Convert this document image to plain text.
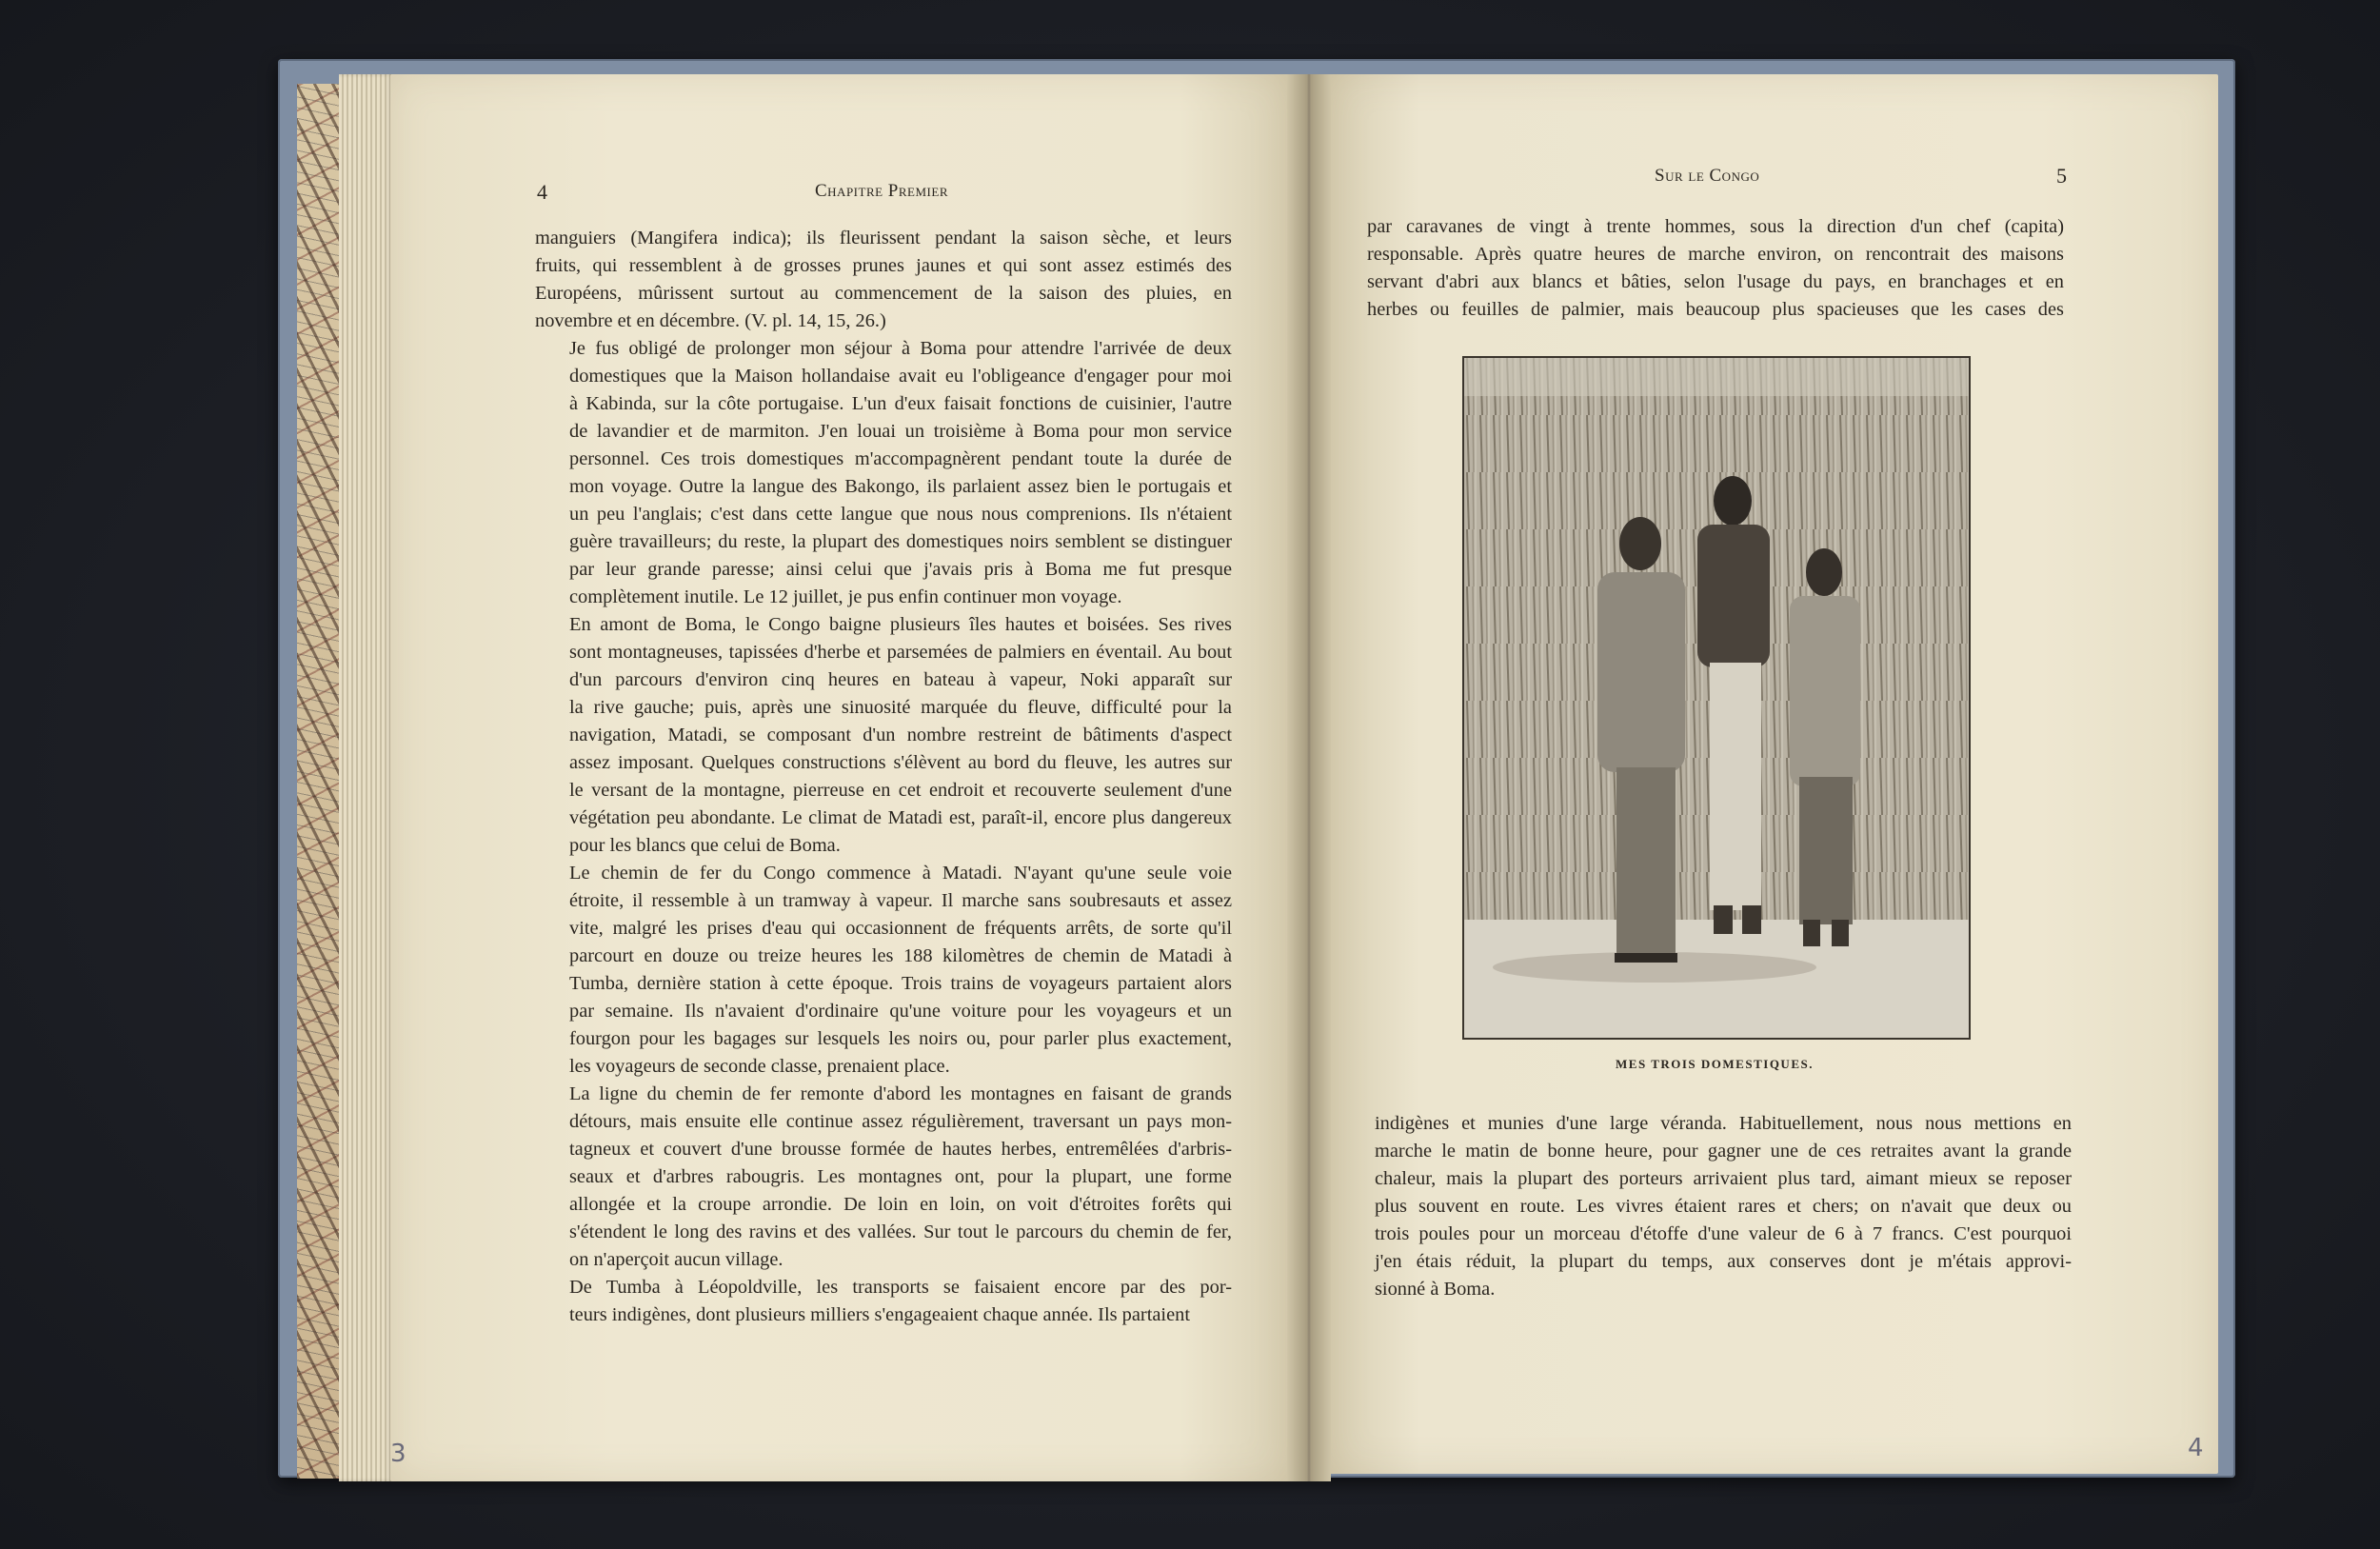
4	Chapitre Premier

manguiers (Mangifera indica); ils fleurissent pendant la saison sèche, et leurs
fruits, qui ressemblent à de grosses prunes jaunes et qui sont assez estimés des
Européens, mûrissent surtout au commencement de la saison des pluies, en
novembre et en décembre. (V. pl. 14, 15, 26.)

Je fus obligé de prolonger mon séjour à Boma pour attendre l'arrivée de deux
domestiques que la Maison hollandaise avait eu l'obligeance d'engager pour moi
à Kabinda, sur la côte portugaise. L'un d'eux faisait fonctions de cuisinier, l'autre
de lavandier et de marmiton. J'en louai un troisième à Boma pour mon service
personnel. Ces trois domestiques m'accompagnèrent pendant toute la durée de
mon voyage. Outre la langue des Bakongo, ils parlaient assez bien le portugais et
un peu l'anglais; c'est dans cette langue que nous nous comprenions. Ils n'étaient
guère travailleurs; du reste, la plupart des domestiques noirs semblent se distinguer
par leur grande paresse; ainsi celui que j'avais pris à Boma me fut presque
complètement inutile. Le 12 juillet, je pus enfin continuer mon voyage.

En amont de Boma, le Congo baigne plusieurs îles hautes et boisées. Ses rives
sont montagneuses, tapissées d'herbe et parsemées de palmiers en éventail. Au bout
d'un parcours d'environ cinq heures en bateau à vapeur, Noki apparaît sur
la rive gauche; puis, après une sinuosité marquée du fleuve, difficulté pour la
navigation, Matadi, se composant d'un nombre restreint de bâtiments d'aspect
assez imposant. Quelques constructions s'élèvent au bord du fleuve, les autres sur
le versant de la montagne, pierreuse en cet endroit et recouverte seulement d'une
végétation peu abondante. Le climat de Matadi est, paraît-il, encore plus dangereux
pour les blancs que celui de Boma.

Le chemin de fer du Congo commence à Matadi. N'ayant qu'une seule voie
étroite, il ressemble à un tramway à vapeur. Il marche sans soubresauts et assez
vite, malgré les prises d'eau qui occasionnent de fréquents arrêts, de sorte qu'il
parcourt en douze ou treize heures les 188 kilomètres de chemin de Matadi à
Tumba, dernière station à cette époque. Trois trains de voyageurs partaient alors
par semaine. Ils n'avaient d'ordinaire qu'une voiture pour les voyageurs et un
fourgon pour les bagages sur lesquels les noirs ou, pour parler plus exactement,
les voyageurs de seconde classe, prenaient place.

La ligne du chemin de fer remonte d'abord les montagnes en faisant de grands
détours, mais ensuite elle continue assez régulièrement, traversant un pays mon-
tagneux et couvert d'une brousse formée de hautes herbes, entremêlées d'arbris-
seaux et d'arbres rabougris. Les montagnes ont, pour la plupart, une forme
allongée et la croupe arrondie. De loin en loin, on voit d'étroites forêts qui
s'étendent le long des ravins et des vallées. Sur tout le parcours du chemin de fer,
on n'aperçoit aucun village.

De Tumba à Léopoldville, les transports se faisaient encore par des por-
teurs indigènes, dont plusieurs milliers s'engageaient chaque année. Ils partaient

Sur le Congo	5

par caravanes de vingt à trente hommes, sous la direction d'un chef (capita)
responsable. Après quatre heures de marche environ, on rencontrait des maisons
servant d'abri aux blancs et bâties, selon l'usage du pays, en branchages et en
herbes ou feuilles de palmier, mais beaucoup plus spacieuses que les cases des

MES TROIS DOMESTIQUES.

indigènes et munies d'une large véranda. Habituellement, nous nous mettions en
marche le matin de bonne heure, pour gagner une de ces retraites avant la grande
chaleur, mais la plupart des porteurs arrivaient plus tard, aimant mieux se reposer
plus souvent en route. Les vivres étaient rares et chers; on n'avait que deux ou
trois poules pour un morceau d'étoffe d'une valeur de 6 à 7 francs. C'est pourquoi
j'en étais réduit, la plupart du temps, aux conserves dont je m'étais approvi-
sionné à Boma.

3	4
